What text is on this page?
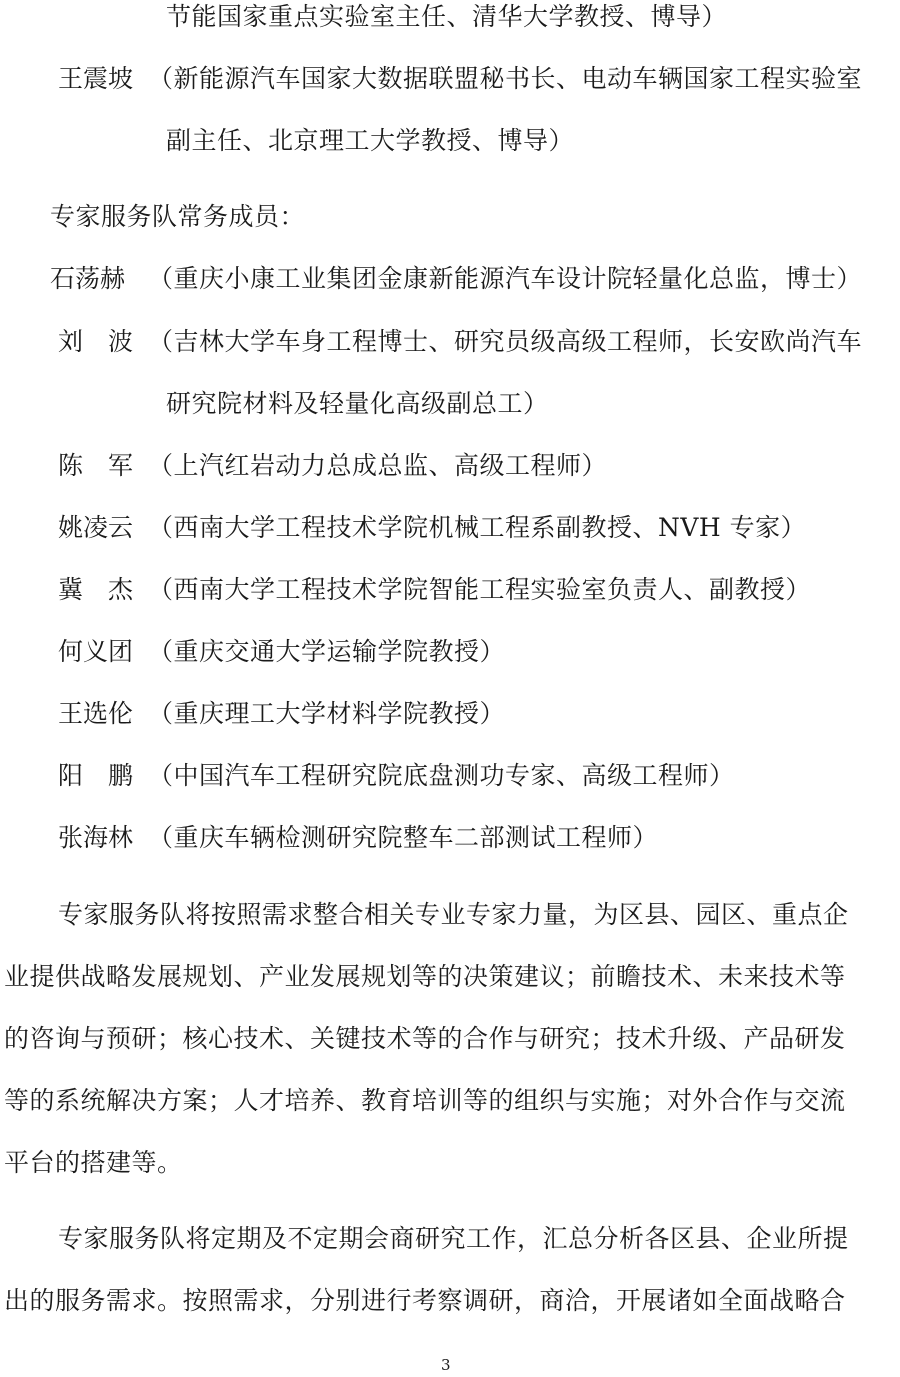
节能国家重点实验室主任、清华大学教授、博导）
王震坡 （新能源汽车国家大数据联盟秘书长、电动车辆国家工程实验室
副主任、北京理工大学教授、博导）
专家服务队常务成员：
石荡赫 （重庆小康工业集团金康新能源汽车设计院轻量化总监，博士）
刘　波 （吉林大学车身工程博士、研究员级高级工程师，长安欧尚汽车
研究院材料及轻量化高级副总工）
陈　军 （上汽红岩动力总成总监、高级工程师）
姚凌云 （西南大学工程技术学院机械工程系副教授、NVH 专家）
冀　杰 （西南大学工程技术学院智能工程实验室负责人、副教授）
何义团 （重庆交通大学运输学院教授）
王选伦 （重庆理工大学材料学院教授）
阳　鹏 （中国汽车工程研究院底盘测功专家、高级工程师）
张海林 （重庆车辆检测研究院整车二部测试工程师）
专家服务队将按照需求整合相关专业专家力量，为区县、园区、重点企
业提供战略发展规划、产业发展规划等的决策建议；前瞻技术、未来技术等
的咨询与预研；核心技术、关键技术等的合作与研究；技术升级、产品研发
等的系统解决方案；人才培养、教育培训等的组织与实施；对外合作与交流
平台的搭建等。
专家服务队将定期及不定期会商研究工作，汇总分析各区县、企业所提
出的服务需求。按照需求，分别进行考察调研，商洽，开展诸如全面战略合
3
